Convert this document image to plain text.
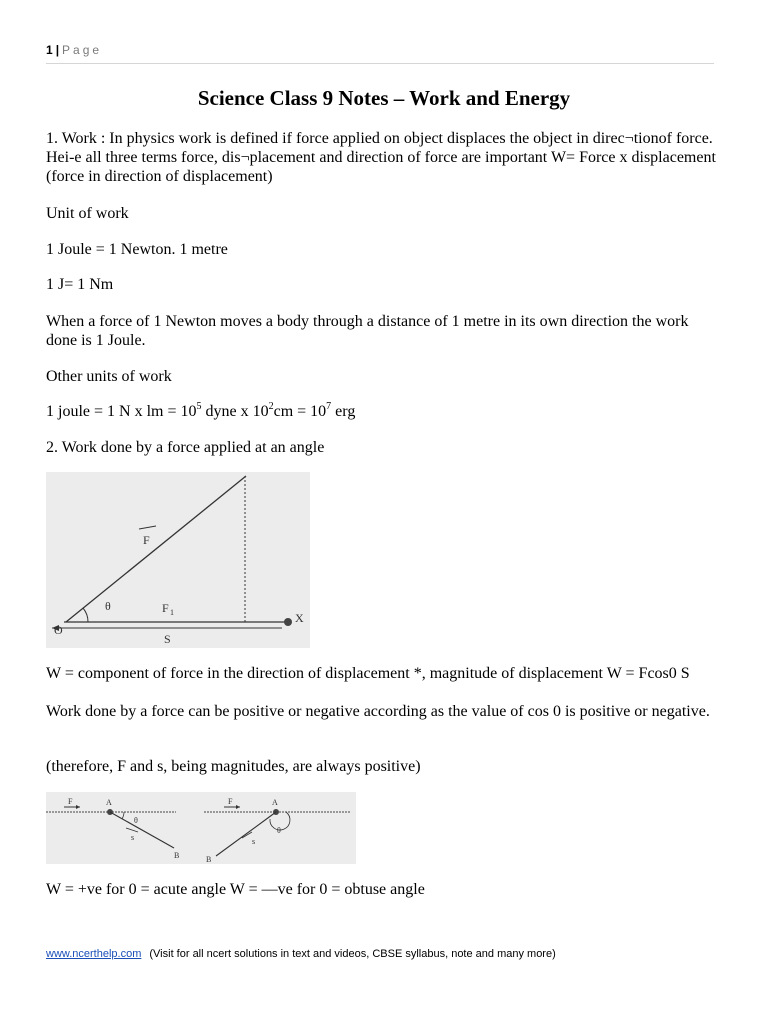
1 | Page
Science Class 9 Notes – Work and Energy

1. Work : In physics work is defined if force applied on object displaces the object in direc¬tionof force. Hei-e all three terms force, dis¬placement and direction of force are important W= Force x displacement (force in direction of displacement)

Unit of work

1 Joule = 1 Newton. 1 metre

1 J= 1 Nm

When a force of 1 Newton moves a body through a distance of 1 metre in its own direction the work done is 1 Joule.

Other units of work

1 joule = 1 N x lm = $10^5$ dyne x $10^2cm = 10^7$ erg

2. Work done by a force applied at an angle

F
θ	F 1
O
X
S

W = component of force in the direction of displacement *, magnitude of displacement W = Fcos0 S

Work done by a force can be positive or negative according as the value of cos 0 is positive or negative.

(therefore, F and s, being magnitudes, are always positive)

F	A
θ
s
B
F	A
θ
s
B

W = +ve for 0 = acute angle W = —ve for 0 = obtuse angle

www.ncerthelp.com (Visit for all ncert solutions in text and videos, CBSE syllabus, note and many more)
